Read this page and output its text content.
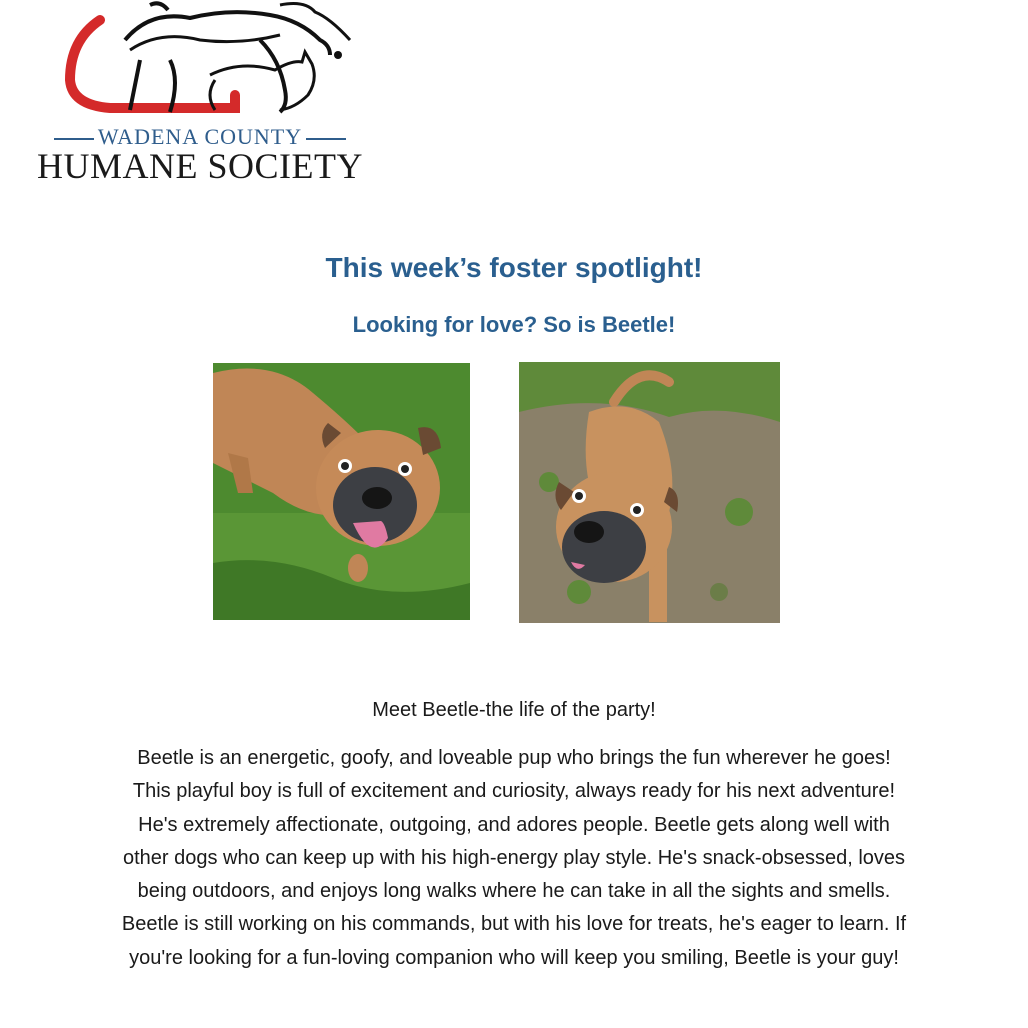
WADENA COUNTY
HUMANE SOCIETY
This week’s foster spotlight!
Looking for love? So is Beetle!
Meet Beetle-the life of the party!
Beetle is an energetic, goofy, and loveable pup who brings the fun wherever he goes! This playful boy is full of excitement and curiosity, always ready for his next adventure! He's extremely affectionate, outgoing, and adores people. Beetle gets along well with other dogs who can keep up with his high-energy play style. He's snack-obsessed, loves being outdoors, and enjoys long walks where he can take in all the sights and smells. Beetle is still working on his commands, but with his love for treats, he's eager to learn. If you're looking for a fun-loving companion who will keep you smiling, Beetle is your guy!
